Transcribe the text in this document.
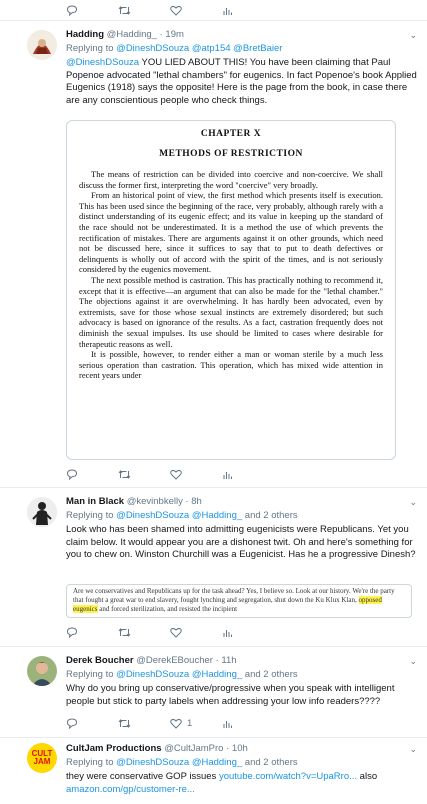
Hadding @Hadding_ · 19m
Replying to @DineshDSouza @atp154 @BretBaier
@DineshDSouza YOU LIED ABOUT THIS! You have been claiming that Paul Popenoe advocated "lethal chambers" for eugenics. In fact Popenoe's book Applied Eugenics (1918) says the opposite! Here is the page from the book, in case there are any conscientious people who check things.
⌄
CHAPTER X
METHODS OF RESTRICTION

The means of restriction can be divided into coercive and non-coercive. We shall discuss the former first, interpreting the word "coercive" very broadly.

From an historical point of view, the first method which presents itself is execution. This has been used since the beginning of the race, very probably, although rarely with a distinct understanding of its eugenic effect; and its value in keeping up the standard of the race should not be underestimated. It is a method the use of which prevents the rectification of mistakes. There are arguments against it on other grounds, which need not be discussed here, since it suffices to say that to put to death defectives or delinquents is wholly out of accord with the spirit of the times, and is not seriously considered by the eugenics movement.

The next possible method is castration. This has practically nothing to recommend it, except that it is effective—an argument that can also be made for the "lethal chamber." The objections against it are overwhelming. It has hardly been advocated, even by extremists, save for those whose sexual instincts are extremely disordered; but such advocacy is based on ignorance of the results. As a fact, castration frequently does not diminish the sexual impulses. Its use should be limited to cases where desirable for therapeutic reasons as well.

It is possible, however, to render either a man or woman sterile by a much less serious operation than castration. This operation, which has mixed wide attention in recent years under

Man in Black @kevinbkelly · 8h
Replying to @DineshDSouza @Hadding_ and 2 others
Look who has been shamed into admitting eugenicists were Republicans. Yet you claim below. It would appear you are a dishonest twit. Oh and here's something for you to chew on. Winston Churchill was a Eugenicist. Has he a progressive Dinesh?
⌄
Are we conservatives and Republicans up for the task ahead? Yes, I believe so. Look at our history. We're the party that fought a great war to end slavery, fought lynching and segregation, shut down the Ku Klux Klan, opposed eugenics and forced sterilization, and resisted the incipient
Derek Boucher @DerekEBoucher · 11h
Replying to @DineshDSouza @Hadding_ and 2 others
Why do you bring up conservative/progressive when you speak with intelligent people but stick to party labels when addressing your low info readers????
⌄
1
CULT
JAM
CultJam Productions @CultJamPro · 10h
Replying to @DineshDSouza @Hadding_ and 2 others
they were conservative GOP issues youtube.com/watch?v=UpaRro... also
amazon.com/gp/customer-re...
⌄
